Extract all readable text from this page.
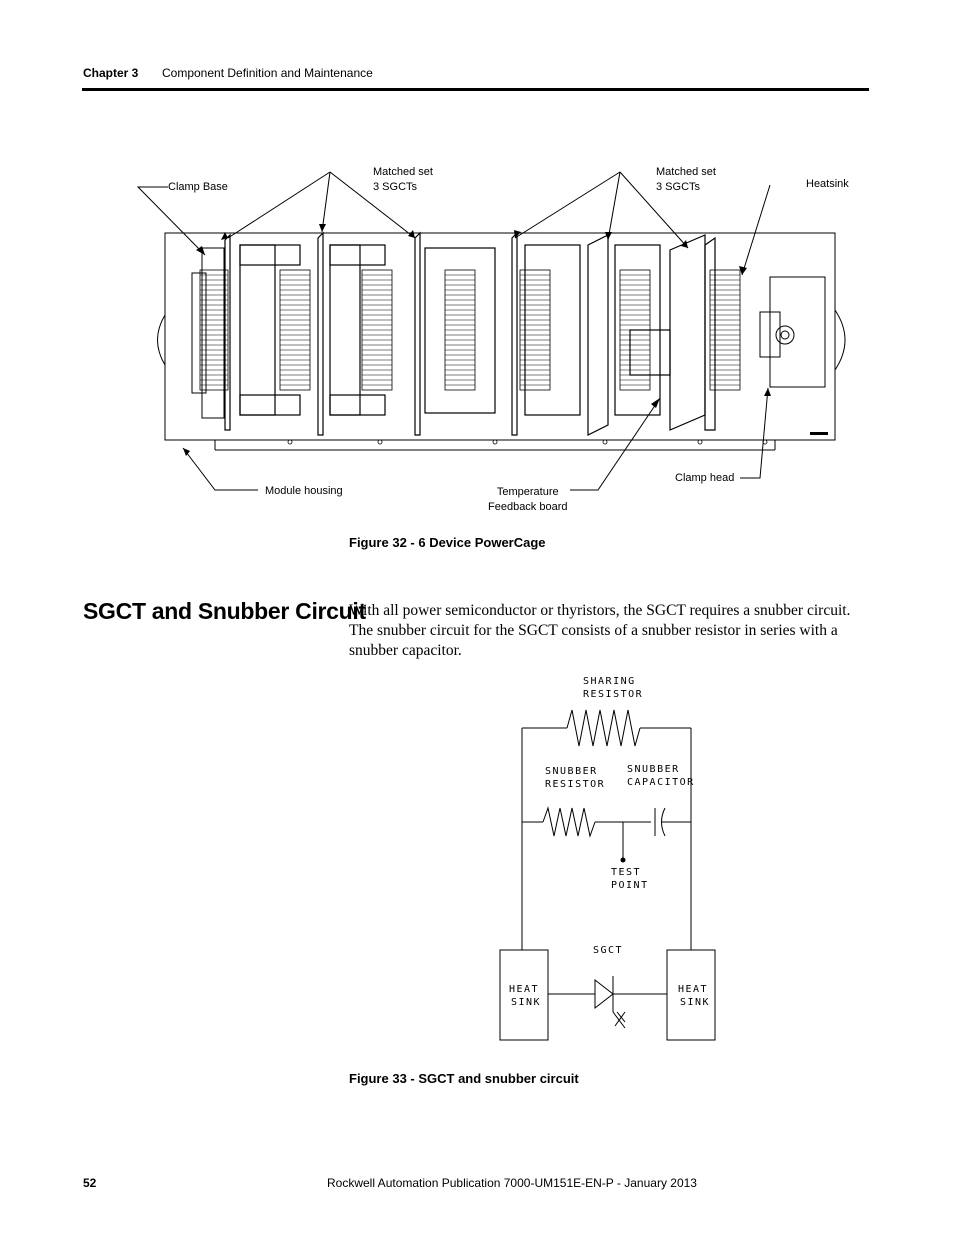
Chapter 3 Component Definition and Maintenance
Clamp Base
Matched set
3 SGCTs
Matched set
3 SGCTs	Heatsink
Module housing	Temperature
Feedback board
Clamp head
Figure 32 - 6 Device PowerCage
SGCT and Snubber Circuit
With all power semiconductor or thyristors, the SGCT requires a snubber circuit. The snubber circuit for the SGCT consists of a snubber resistor in series with a snubber capacitor.
SHARING
RESISTOR
SNUBBER
RESISTOR
SNUBBER
CAPACITOR
TEST
POINT
SGCT
HEAT
SINK
HEAT
SINK
Figure 33 - SGCT and snubber circuit
52	Rockwell Automation Publication 7000-UM151E-EN-P - January 2013
